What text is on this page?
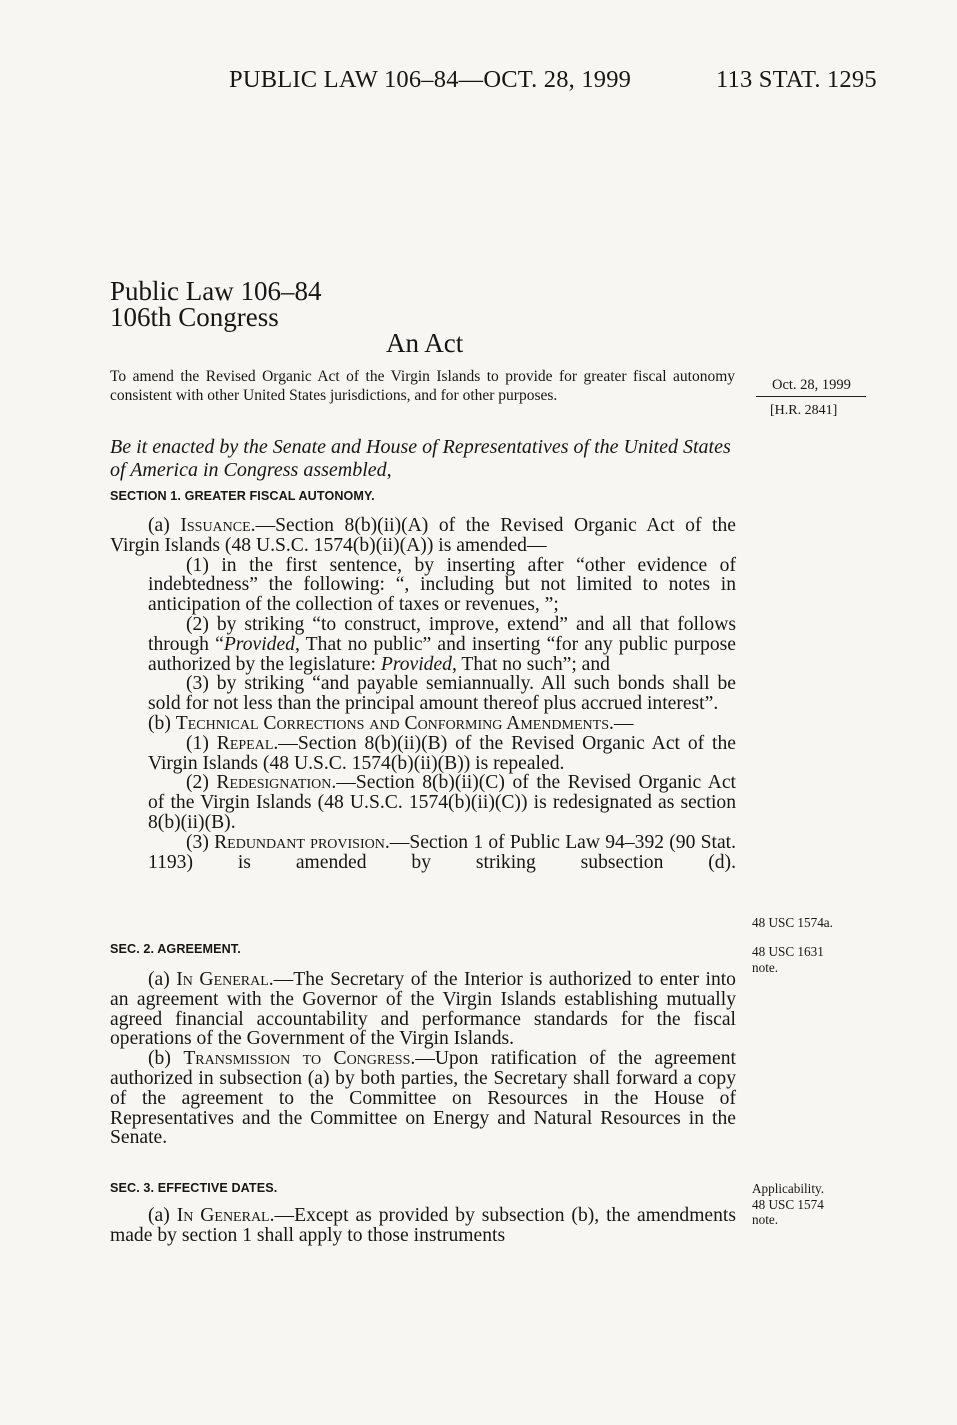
PUBLIC LAW 106–84—OCT. 28, 1999	113 STAT. 1295
Public Law 106–84
106th Congress
An Act
To amend the Revised Organic Act of the Virgin Islands to provide for greater fiscal autonomy consistent with other United States jurisdictions, and for other purposes.
Oct. 28, 1999
[H.R. 2841]
Be it enacted by the Senate and House of Representatives of the United States of America in Congress assembled,
SECTION 1. GREATER FISCAL AUTONOMY.

(a) Issuance.—Section 8(b)(ii)(A) of the Revised Organic Act of the Virgin Islands (48 U.S.C. 1574(b)(ii)(A)) is amended—

(1) in the first sentence, by inserting after “other evidence of indebtedness” the following: “, including but not limited to notes in anticipation of the collection of taxes or revenues, ”;

(2) by striking “to construct, improve, extend” and all that follows through “Provided, That no public” and inserting “for any public purpose authorized by the legislature: Provided, That no such”; and

(3) by striking “and payable semiannually. All such bonds shall be sold for not less than the principal amount thereof plus accrued interest”.

(b) Technical Corrections and Conforming Amendments.—

(1) Repeal.—Section 8(b)(ii)(B) of the Revised Organic Act of the Virgin Islands (48 U.S.C. 1574(b)(ii)(B)) is repealed.

(2) Redesignation.—Section 8(b)(ii)(C) of the Revised Organic Act of the Virgin Islands (48 U.S.C. 1574(b)(ii)(C)) is redesignated as section 8(b)(ii)(B).

(3) Redundant provision.—Section 1 of Public Law 94–392 (90 Stat. 1193) is amended by striking subsection (d).

48 USC 1574a.
SEC. 2. AGREEMENT.	48 USC 1631
note.

(a) In General.—The Secretary of the Interior is authorized to enter into an agreement with the Governor of the Virgin Islands establishing mutually agreed financial accountability and performance standards for the fiscal operations of the Government of the Virgin Islands.

(b) Transmission to Congress.—Upon ratification of the agreement authorized in subsection (a) by both parties, the Secretary shall forward a copy of the agreement to the Committee on Resources in the House of Representatives and the Committee on Energy and Natural Resources in the Senate.

SEC. 3. EFFECTIVE DATES.	Applicability.
48 USC 1574
note.

(a) In General.—Except as provided by subsection (b), the amendments made by section 1 shall apply to those instruments
